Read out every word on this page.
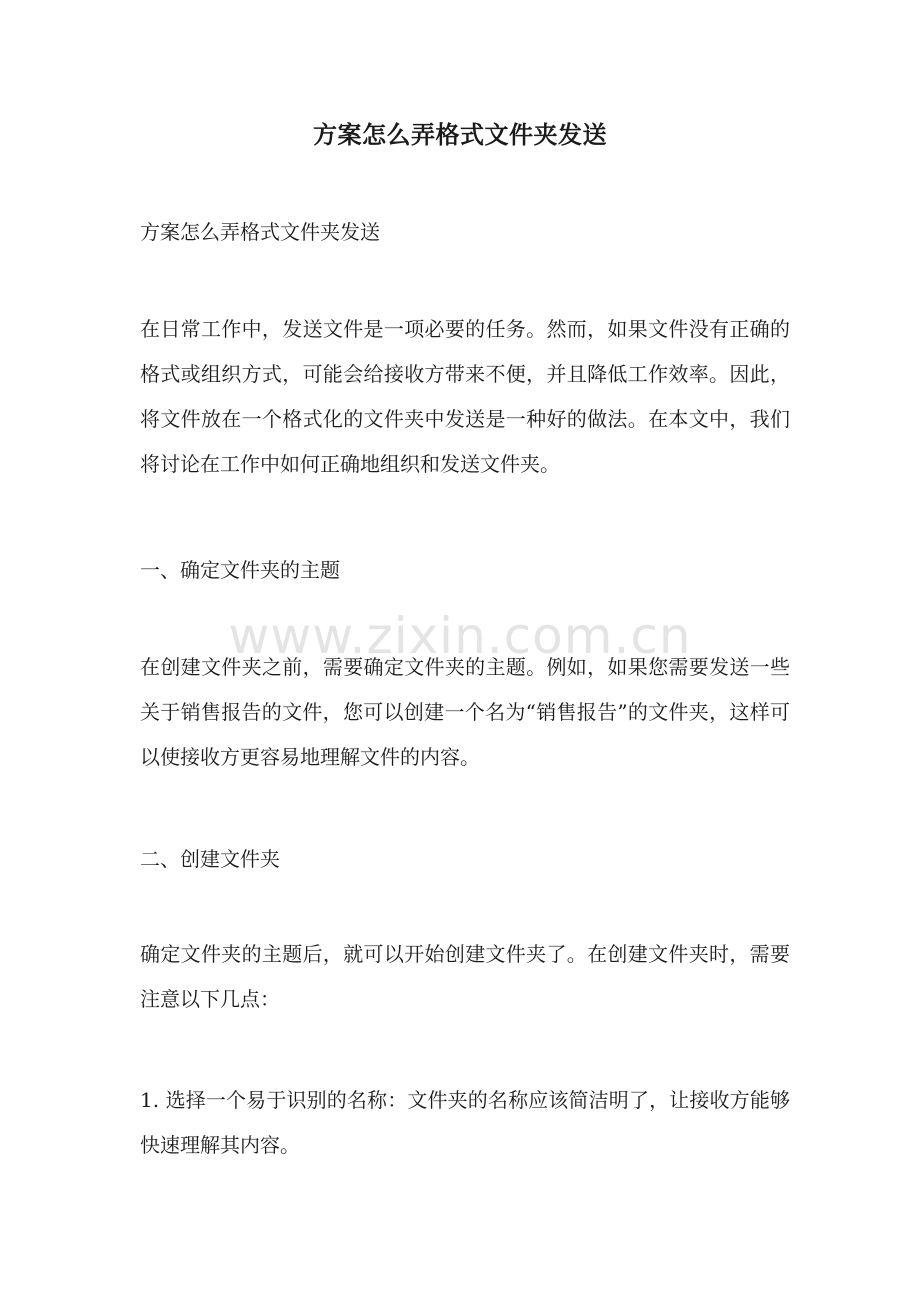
方案怎么弄格式文件夹发送

方案怎么弄格式文件夹发送

在日常工作中，发送文件是一项必要的任务。然而，如果文件没有正确的格式或组织方式，可能会给接收方带来不便，并且降低工作效率。因此，将文件放在一个格式化的文件夹中发送是一种好的做法。在本文中，我们将讨论在工作中如何正确地组织和发送文件夹。

一、确定文件夹的主题

在创建文件夹之前，需要确定文件夹的主题。例如，如果您需要发送一些关于销售报告的文件，您可以创建一个名为“销售报告”的文件夹，这样可以使接收方更容易地理解文件的内容。

二、创建文件夹

确定文件夹的主题后，就可以开始创建文件夹了。在创建文件夹时，需要注意以下几点：

1. 选择一个易于识别的名称：文件夹的名称应该简洁明了，让接收方能够快速理解其内容。

www.zixin.com.cn
